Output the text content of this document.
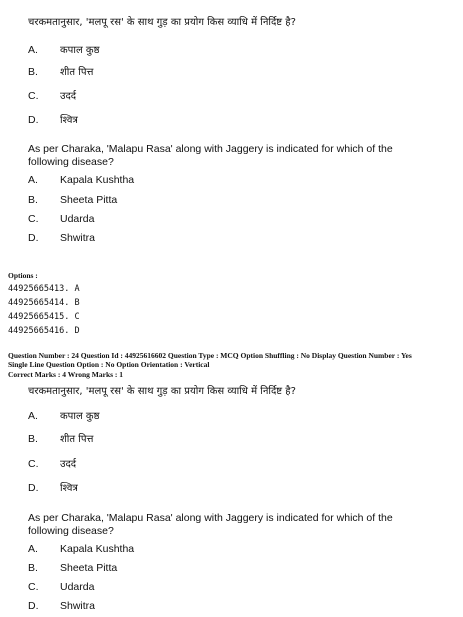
चरकमतानुसार, 'मलपू रस' के साथ गुड़ का प्रयोग किस व्याधि में निर्दिष्ट है?
A. कपाल कुष्ठ
B. शीत पित्त
C. उदर्द
D. श्वित्र
As per Charaka, 'Malapu Rasa' along with Jaggery is indicated for which of the following disease?
A. Kapala Kushtha
B. Sheeta Pitta
C. Udarda
D. Shwitra
Options :
44925665413. A
44925665414. B
44925665415. C
44925665416. D
Question Number : 24 Question Id : 44925616602 Question Type : MCQ Option Shuffling : No Display Question Number : Yes
Single Line Question Option : No Option Orientation : Vertical
Correct Marks : 4 Wrong Marks : 1
चरकमतानुसार, 'मलपू रस' के साथ गुड़ का प्रयोग किस व्याधि में निर्दिष्ट है?
A. कपाल कुष्ठ
B. शीत पित्त
C. उदर्द
D. श्वित्र
As per Charaka, 'Malapu Rasa' along with Jaggery is indicated for which of the following disease?
A. Kapala Kushtha
B. Sheeta Pitta
C. Udarda
D. Shwitra
